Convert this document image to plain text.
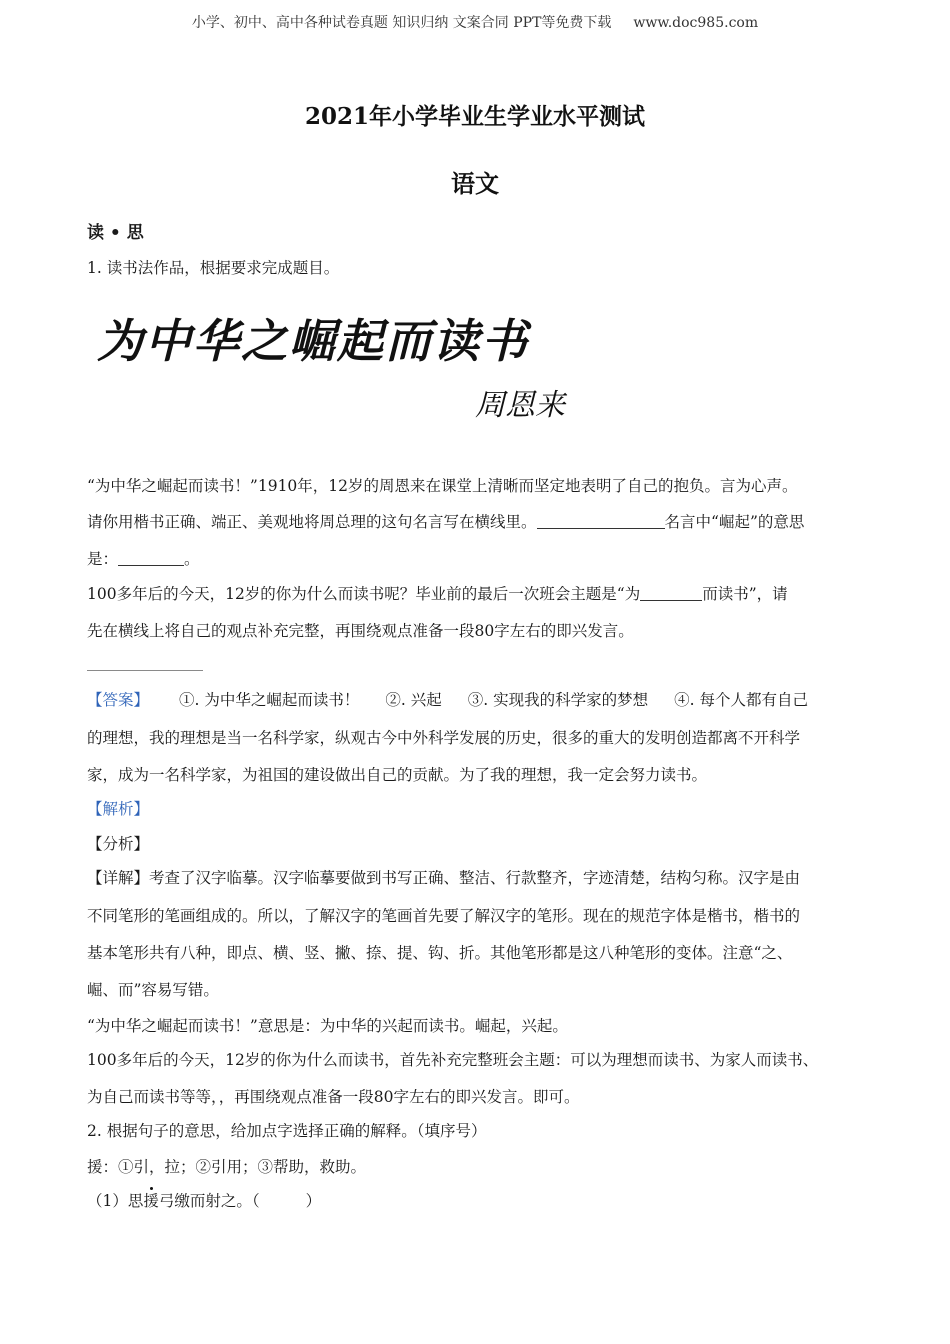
小学、初中、高中各种试卷真题 知识归纳 文案合同 PPT等免费下载 www.doc985.com
2021年小学毕业生学业水平测试
语文
读 • 思
1. 读书法作品，根据要求完成题目。
为中华之崛起而读书
周恩来
“为中华之崛起而读书！”1910年，12岁的周恩来在课堂上清晰而坚定地表明了自己的抱负。言为心声。
请你用楷书正确、端正、美观地将周总理的这句名言写在横线里。	名言中“崛起”的意思
是：	。
100多年后的今天，12岁的你为什么而读书呢？毕业前的最后一次班会主题是“为	而读书”，请
先在横线上将自己的观点补充完整，再围绕观点准备一段80字左右的即兴发言。
【答案】 ①. 为中华之崛起而读书！ ②. 兴起 ③. 实现我的科学家的梦想 ④. 每个人都有自己
的理想，我的理想是当一名科学家，纵观古今中外科学发展的历史，很多的重大的发明创造都离不开科学
家，成为一名科学家，为祖国的建设做出自己的贡献。为了我的理想，我一定会努力读书。
【解析】
【分析】
【详解】考查了汉字临摹。汉字临摹要做到书写正确、整洁、行款整齐，字迹清楚，结构匀称。汉字是由
不同笔形的笔画组成的。所以，了解汉字的笔画首先要了解汉字的笔形。现在的规范字体是楷书，楷书的
基本笔形共有八种，即点、横、竖、撇、捺、提、钩、折。其他笔形都是这八种笔形的变体。注意“之、
崛、而”容易写错。
“为中华之崛起而读书！”意思是：为中华的兴起而读书。崛起，兴起。
100多年后的今天，12岁的你为什么而读书，首先补充完整班会主题：可以为理想而读书、为家人而读书、
为自己而读书等等，，再围绕观点准备一段80字左右的即兴发言。即可。
2. 根据句子的意思，给加点字选择正确的解释。（填序号）
援：①引，拉；②引用；③帮助，救助。
（1）思援弓缴而射之。（	）
